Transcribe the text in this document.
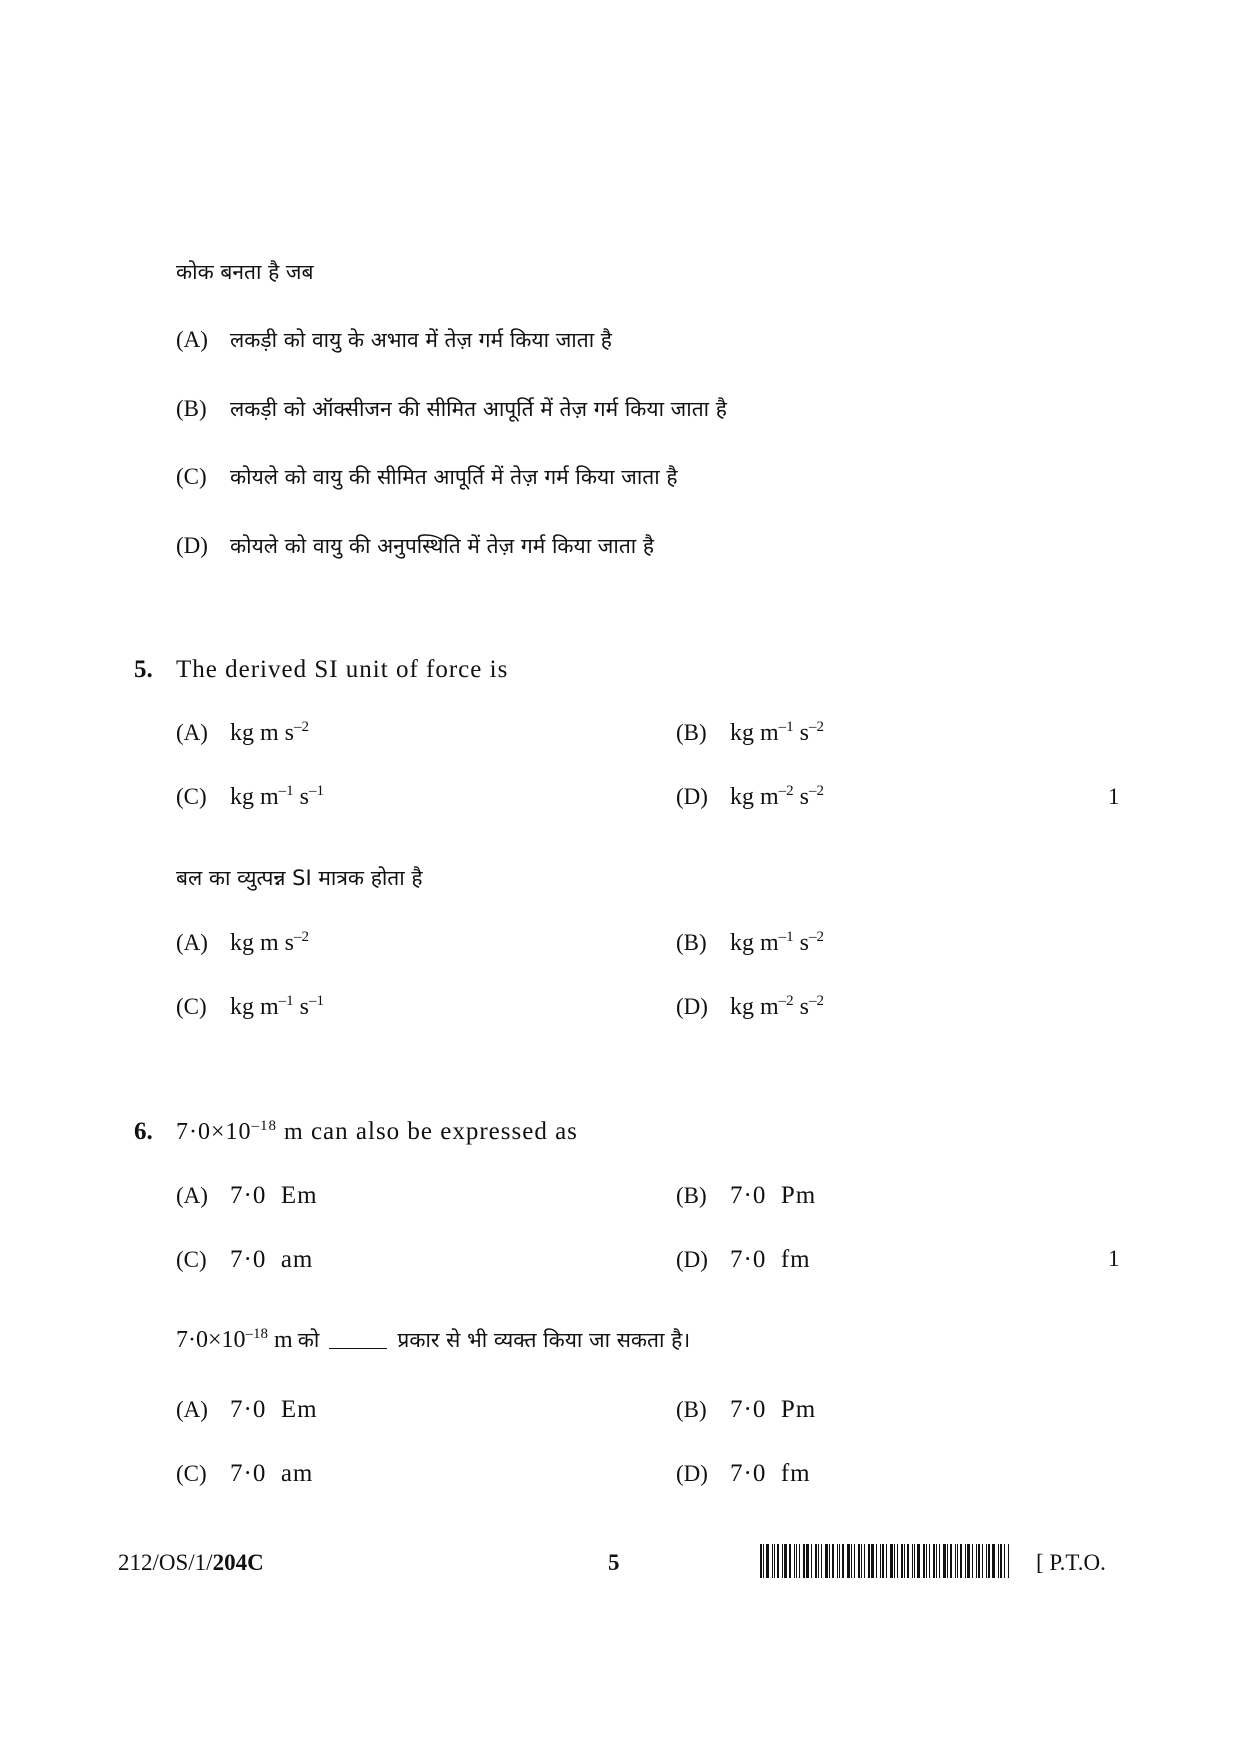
कोक बनता है जब
(A) लकड़ी को वायु के अभाव में तेज़ गर्म किया जाता है
(B) लकड़ी को ऑक्सीजन की सीमित आपूर्ति में तेज़ गर्म किया जाता है
(C) कोयले को वायु की सीमित आपूर्ति में तेज़ गर्म किया जाता है
(D) कोयले को वायु की अनुपस्थिति में तेज़ गर्म किया जाता है
5. The derived SI unit of force is
(A) kg m $s^{-2}$	(B) kg $m^{-1}$ $s^{-2}$
(C) kg $m^{-1}$ $s^{-1}$	(D) kg $m^{-2}$ $s^{-2}$	1
बल का व्युत्पन्न SI मात्रक होता है
(A) kg m $s^{-2}$	(B) kg $m^{-1}$ $s^{-2}$
(C) kg $m^{-1}$ $s^{-1}$	(D) kg $m^{-2}$ $s^{-2}$
6. $7\cdot 0\times 10^{-18}$ m can also be expressed as
(A) 7·0  Em	(B) 7·0  Pm
(C) 7·0  am	(D) 7·0  fm	1
$7\cdot 0\times 10^{-18}$ m को	प्रकार से भी व्यक्त किया जा सकता है।
(A) 7·0  Em	(B) 7·0  Pm
(C) 7·0  am	(D) 7·0  fm
212/OS/1/204C	5	[ P.T.O.
